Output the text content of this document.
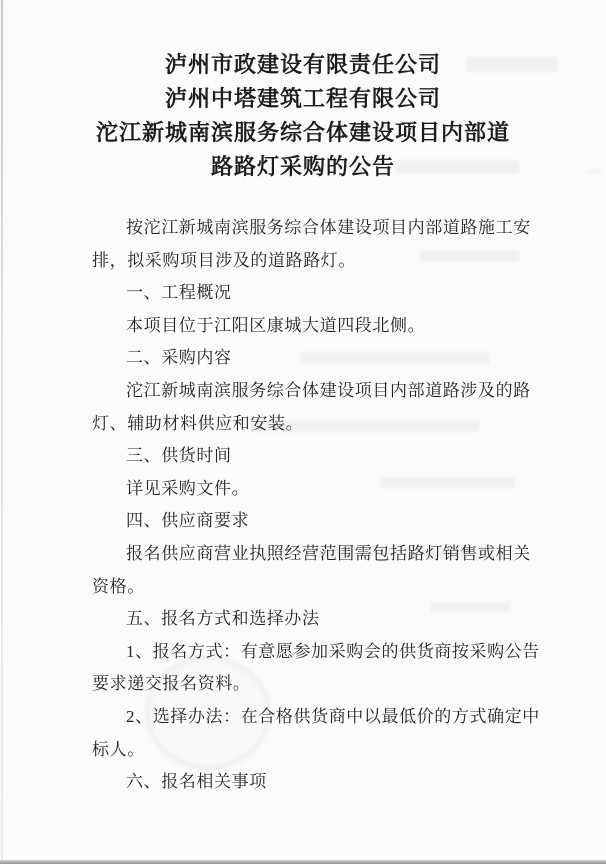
泸州市政建设有限责任公司
泸州中塔建筑工程有限公司
沱江新城南滨服务综合体建设项目内部道
路路灯采购的公告
按沱江新城南滨服务综合体建设项目内部道路施工安
排，拟采购项目涉及的道路路灯。
一、工程概况
本项目位于江阳区康城大道四段北侧。
二、采购内容
沱江新城南滨服务综合体建设项目内部道路涉及的路
灯、辅助材料供应和安装。
三、供货时间
详见采购文件。
四、供应商要求
报名供应商营业执照经营范围需包括路灯销售或相关
资格。
五、报名方式和选择办法
1、报名方式：有意愿参加采购会的供货商按采购公告
要求递交报名资料。
2、选择办法：在合格供货商中以最低价的方式确定中
标人。
六、报名相关事项
